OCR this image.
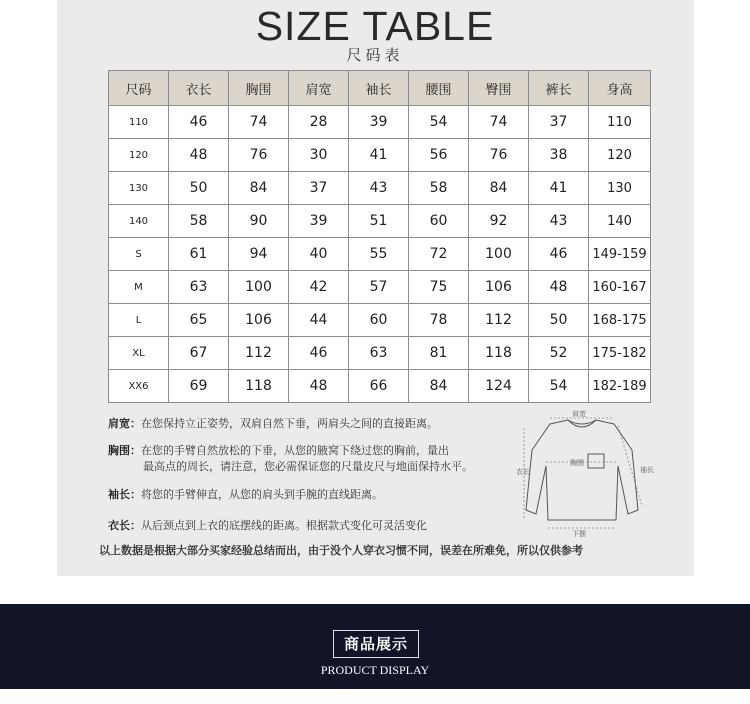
SIZE TABLE
尺码表
尺码	衣长	胸围	肩宽	袖长	腰围	臀围	裤长	身高
110	46	74	28	39	54	74	37	110
120	48	76	30	41	56	76	38	120
130	50	84	37	43	58	84	41	130
140	58	90	39	51	60	92	43	140
S	61	94	40	55	72	100	46	149-159
M	63	100	42	57	75	106	48	160-167
L	65	106	44	60	78	112	50	168-175
XL	67	112	46	63	81	118	52	175-182
XX6	69	118	48	66	84	124	54	182-189
肩宽：在您保持立正姿势，双肩自然下垂，两肩头之间的直接距离。
胸围：在您的手臂自然放松的下垂，从您的腋窝下绕过您的胸前，量出
最高点的周长，请注意，您必需保证您的尺量皮尺与地面保持水平。
袖长：将您的手臂伸直，从您的肩头到手腕的直线距离。
衣长：从后颈点到上衣的底摆线的距离。根据款式变化可灵活变化
以上数据是根据大部分买家经验总结而出，由于没个人穿衣习惯不同，误差在所难免，所以仅供参考
肩宽
胸围
下摆
衣长	袖长
商品展示
PRODUCT DISPLAY
